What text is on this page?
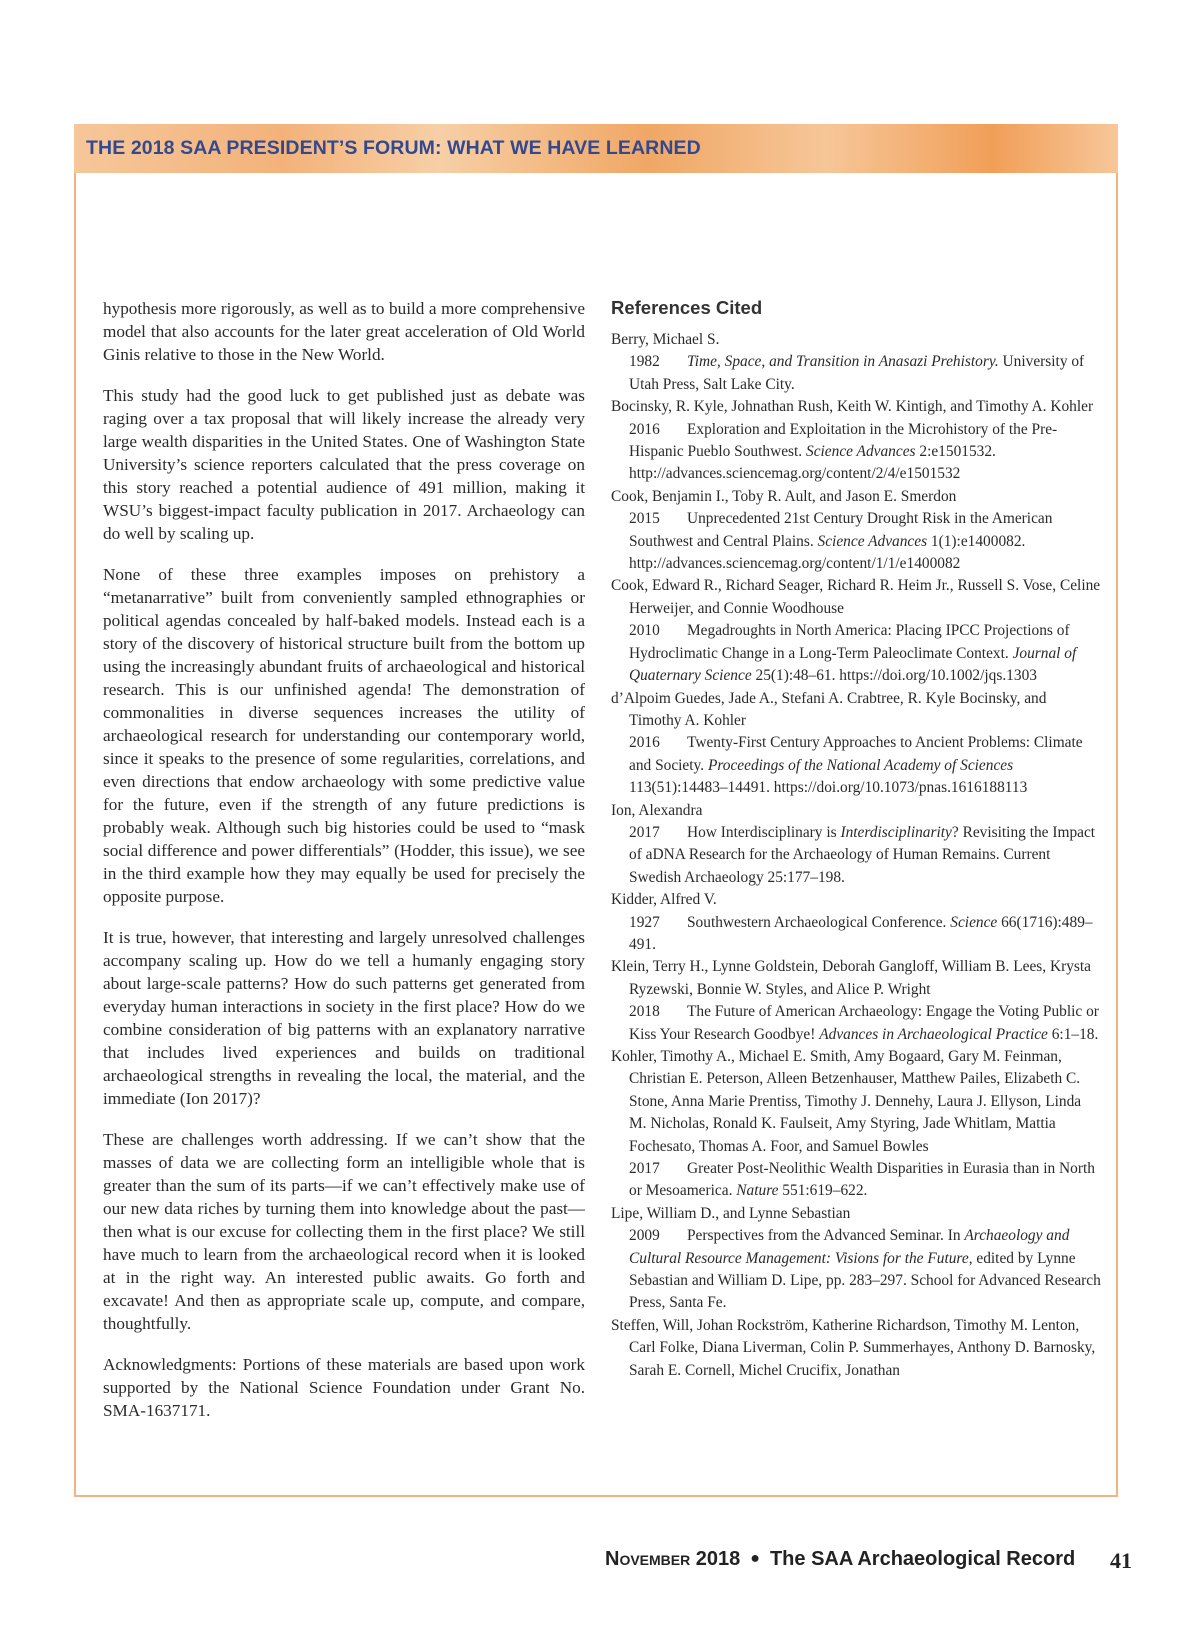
THE 2018 SAA PRESIDENT’S FORUM: WHAT WE HAVE LEARNED

hypothesis more rigorously, as well as to build a more comprehensive model that also accounts for the later great acceleration of Old World Ginis relative to those in the New World.

This study had the good luck to get published just as debate was raging over a tax proposal that will likely increase the already very large wealth disparities in the United States. One of Washington State University’s science reporters calculated that the press coverage on this story reached a potential audience of 491 million, making it WSU’s biggest-impact faculty publication in 2017. Archaeology can do well by scaling up.

None of these three examples imposes on prehistory a “metanarrative” built from conveniently sampled ethnographies or political agendas concealed by half-baked models. Instead each is a story of the discovery of historical structure built from the bottom up using the increasingly abundant fruits of archaeological and historical research. This is our unfinished agenda! The demonstration of commonalities in diverse sequences increases the utility of archaeological research for understanding our contemporary world, since it speaks to the presence of some regularities, correlations, and even directions that endow archaeology with some predictive value for the future, even if the strength of any future predictions is probably weak. Although such big histories could be used to “mask social difference and power differentials” (Hodder, this issue), we see in the third example how they may equally be used for precisely the opposite purpose.

It is true, however, that interesting and largely unresolved challenges accompany scaling up. How do we tell a humanly engaging story about large-scale patterns? How do such patterns get generated from everyday human interactions in society in the first place? How do we combine consideration of big patterns with an explanatory narrative that includes lived experiences and builds on traditional archaeological strengths in revealing the local, the material, and the immediate (Ion 2017)?

These are challenges worth addressing. If we can’t show that the masses of data we are collecting form an intelligible whole that is greater than the sum of its parts—if we can’t effectively make use of our new data riches by turning them into knowledge about the past—then what is our excuse for collecting them in the first place? We still have much to learn from the archaeological record when it is looked at in the right way. An interested public awaits. Go forth and excavate! And then as appropriate scale up, compute, and compare, thoughtfully.

Acknowledgments: Portions of these materials are based upon work supported by the National Science Foundation under Grant No. SMA-1637171.

References Cited
Berry, Michael S.
1982 Time, Space, and Transition in Anasazi Prehistory. University of Utah Press, Salt Lake City.
Bocinsky, R. Kyle, Johnathan Rush, Keith W. Kintigh, and Timothy A. Kohler
2016 Exploration and Exploitation in the Microhistory of the Pre-Hispanic Pueblo Southwest. Science Advances 2:e1501532. http://advances.sciencemag.org/content/2/4/e1501532
Cook, Benjamin I., Toby R. Ault, and Jason E. Smerdon
2015 Unprecedented 21st Century Drought Risk in the American Southwest and Central Plains. Science Advances 1(1):e1400082. http://advances.sciencemag.org/content/1/1/e1400082
Cook, Edward R., Richard Seager, Richard R. Heim Jr., Russell S. Vose, Celine Herweijer, and Connie Woodhouse
2010 Megadroughts in North America: Placing IPCC Projections of Hydroclimatic Change in a Long-Term Paleoclimate Context. Journal of Quaternary Science 25(1):48–61. https://doi.org/10.1002/jqs.1303
d’Alpoim Guedes, Jade A., Stefani A. Crabtree, R. Kyle Bocinsky, and Timothy A. Kohler
2016 Twenty-First Century Approaches to Ancient Problems: Climate and Society. Proceedings of the National Academy of Sciences 113(51):14483–14491. https://doi.org/10.1073/pnas.1616188113
Ion, Alexandra
2017 How Interdisciplinary is Interdisciplinarity? Revisiting the Impact of aDNA Research for the Archaeology of Human Remains. Current Swedish Archaeology 25:177–198.
Kidder, Alfred V.
1927 Southwestern Archaeological Conference. Science 66(1716):489–491.
Klein, Terry H., Lynne Goldstein, Deborah Gangloff, William B. Lees, Krysta Ryzewski, Bonnie W. Styles, and Alice P. Wright
2018 The Future of American Archaeology: Engage the Voting Public or Kiss Your Research Goodbye! Advances in Archaeological Practice 6:1–18.
Kohler, Timothy A., Michael E. Smith, Amy Bogaard, Gary M. Feinman, Christian E. Peterson, Alleen Betzenhauser, Matthew Pailes, Elizabeth C. Stone, Anna Marie Prentiss, Timothy J. Dennehy, Laura J. Ellyson, Linda M. Nicholas, Ronald K. Faulseit, Amy Styring, Jade Whitlam, Mattia Fochesato, Thomas A. Foor, and Samuel Bowles
2017 Greater Post-Neolithic Wealth Disparities in Eurasia than in North or Mesoamerica. Nature 551:619–622.
Lipe, William D., and Lynne Sebastian
2009 Perspectives from the Advanced Seminar. In Archaeology and Cultural Resource Management: Visions for the Future, edited by Lynne Sebastian and William D. Lipe, pp. 283–297. School for Advanced Research Press, Santa Fe.
Steffen, Will, Johan Rockström, Katherine Richardson, Timothy M. Lenton, Carl Folke, Diana Liverman, Colin P. Summerhayes, Anthony D. Barnosky, Sarah E. Cornell, Michel Crucifix, Jonathan
November 2018 ● The SAA Archaeological Record 41
